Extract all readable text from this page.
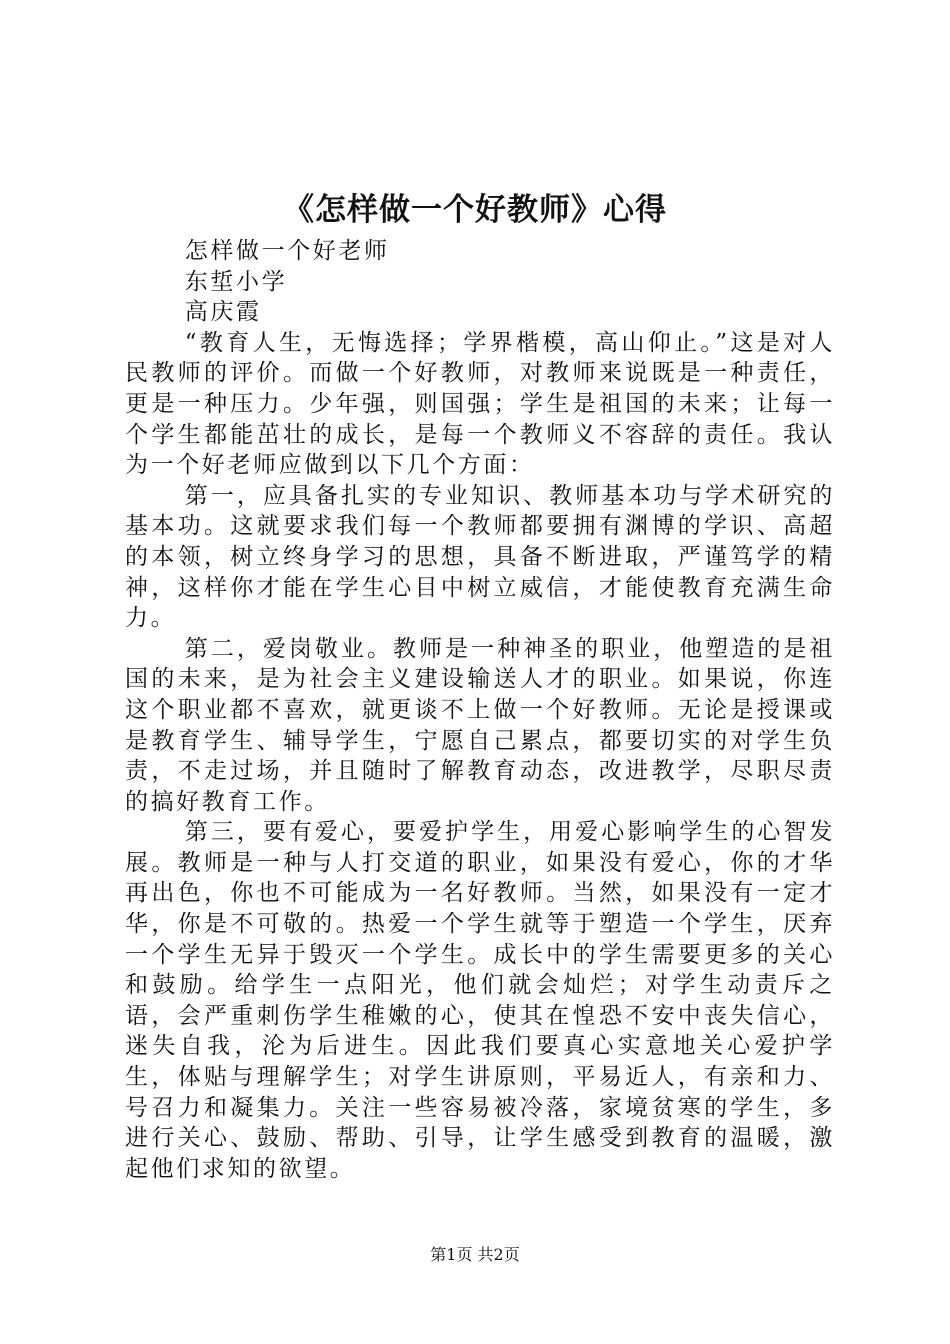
《怎样做一个好教师》心得

怎样做一个好老师

东埑小学

高庆霞

“教育人生，无悔选择；学界楷模，高山仰止。”这是对人民教师的评价。而做一个好教师，对教师来说既是一种责任，更是一种压力。少年强，则国强；学生是祖国的未来；让每一个学生都能茁壮的成长，是每一个教师义不容辞的责任。我认为一个好老师应做到以下几个方面：

第一，应具备扎实的专业知识、教师基本功与学术研究的基本功。这就要求我们每一个教师都要拥有渊博的学识、高超的本领，树立终身学习的思想，具备不断进取，严谨笃学的精神，这样你才能在学生心目中树立威信，才能使教育充满生命力。

第二，爱岗敬业。教师是一种神圣的职业，他塑造的是祖国的未来，是为社会主义建设输送人才的职业。如果说，你连这个职业都不喜欢，就更谈不上做一个好教师。无论是授课或是教育学生、辅导学生，宁愿自己累点，都要切实的对学生负责，不走过场，并且随时了解教育动态，改进教学，尽职尽责的搞好教育工作。

第三，要有爱心，要爱护学生，用爱心影响学生的心智发展。教师是一种与人打交道的职业，如果没有爱心，你的才华再出色，你也不可能成为一名好教师。当然，如果没有一定才华，你是不可敬的。热爱一个学生就等于塑造一个学生，厌弃一个学生无异于毁灭一个学生。成长中的学生需要更多的关心和鼓励。给学生一点阳光，他们就会灿烂；对学生动责斥之语，会严重刺伤学生稚嫩的心，使其在惶恐不安中丧失信心，迷失自我，沦为后进生。因此我们要真心实意地关心爱护学生，体贴与理解学生；对学生讲原则，平易近人，有亲和力、号召力和凝集力。关注一些容易被冷落，家境贫寒的学生，多进行关心、鼓励、帮助、引导，让学生感受到教育的温暖，激起他们求知的欲望。

第1页 共2页
